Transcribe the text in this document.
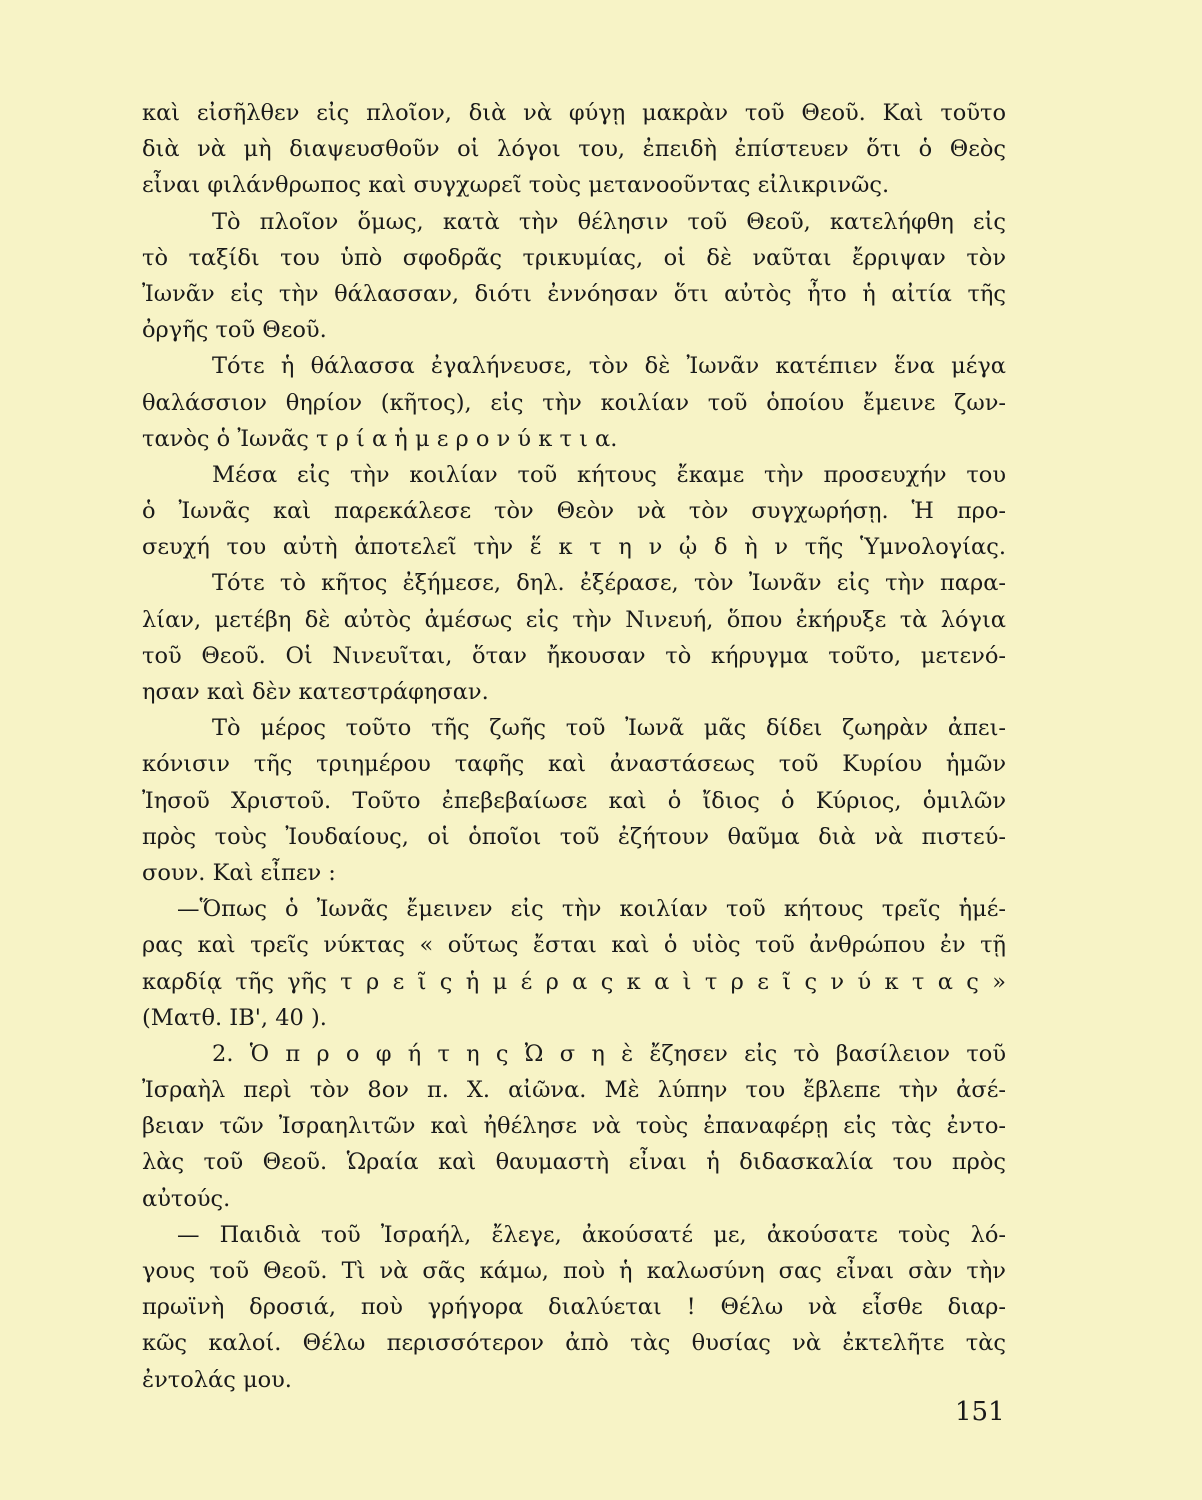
καὶ εἰσῆλθεν εἰς πλοῖον, διὰ νὰ φύγῃ μακρὰν τοῦ Θεοῦ. Καὶ τοῦτο
διὰ νὰ μὴ διαψευσθοῦν οἱ λόγοι του, ἐπειδὴ ἐπίστευεν ὅτι ὁ Θεὸς
εἶναι φιλάνθρωπος καὶ συγχωρεῖ τοὺς μετανοοῦντας εἰλικρινῶς.
Τὸ πλοῖον ὅμως, κατὰ τὴν θέλησιν τοῦ Θεοῦ, κατελήφθη εἰς
τὸ ταξίδι του ὑπὸ σφοδρᾶς τρικυμίας, οἱ δὲ ναῦται ἔρριψαν τὸν
Ἰωνᾶν εἰς τὴν θάλασσαν, διότι ἐννόησαν ὅτι αὐτὸς ἦτο ἡ αἰτία τῆς
ὀργῆς τοῦ Θεοῦ.
Τότε ἡ θάλασσα ἐγαλήνευσε, τὸν δὲ Ἰωνᾶν κατέπιεν ἕνα μέγα
θαλάσσιον θηρίον (κῆτος), εἰς τὴν κοιλίαν τοῦ ὁποίου ἔμεινε ζων-
τανὸς ὁ Ἰωνᾶς τ ρ ί α ἡ μ ε ρ ο ν ύ κ τ ι α.
Μέσα εἰς τὴν κοιλίαν τοῦ κήτους ἔκαμε τὴν προσευχήν του
ὁ Ἰωνᾶς καὶ παρεκάλεσε τὸν Θεὸν νὰ τὸν συγχωρήσῃ. Ἡ προ-
σευχή του αὐτὴ ἀποτελεῖ τὴν ἕ κ τ η ν ᾠ δ ὴ ν τῆς Ὑμνολογίας.
Τότε τὸ κῆτος ἐξήμεσε, δηλ. ἐξέρασε, τὸν Ἰωνᾶν εἰς τὴν παρα-
λίαν, μετέβη δὲ αὐτὸς ἀμέσως εἰς τὴν Νινευή, ὅπου ἐκήρυξε τὰ λόγια
τοῦ Θεοῦ. Οἱ Νινευῖται, ὅταν ἤκουσαν τὸ κήρυγμα τοῦτο, μετενό-
ησαν καὶ δὲν κατεστράφησαν.
Τὸ μέρος τοῦτο τῆς ζωῆς τοῦ Ἰωνᾶ μᾶς δίδει ζωηρὰν ἀπει-
κόνισιν τῆς τριημέρου ταφῆς καὶ ἀναστάσεως τοῦ Κυρίου ἡμῶν
Ἰησοῦ Χριστοῦ. Τοῦτο ἐπεβεβαίωσε καὶ ὁ ἴδιος ὁ Κύριος, ὁμιλῶν
πρὸς τοὺς Ἰουδαίους, οἱ ὁποῖοι τοῦ ἐζήτουν θαῦμα διὰ νὰ πιστεύ-
σουν. Καὶ εἶπεν :
—Ὅπως ὁ Ἰωνᾶς ἔμεινεν εἰς τὴν κοιλίαν τοῦ κήτους τρεῖς ἡμέ-
ρας καὶ τρεῖς νύκτας « οὕτως ἔσται καὶ ὁ υἱὸς τοῦ ἀνθρώπου ἐν τῇ
καρδίᾳ τῆς γῆς τ ρ ε ῖ ς ἡ μ έ ρ α ς κ α ὶ τ ρ ε ῖ ς ν ύ κ τ α ς »
(Ματθ. ΙΒ', 40 ).
2. Ὁ π ρ ο φ ή τ η ς Ὠ σ η ὲ ἔζησεν εἰς τὸ βασίλειον τοῦ
Ἰσραὴλ περὶ τὸν 8ον π. Χ. αἰῶνα. Μὲ λύπην του ἔβλεπε τὴν ἀσέ-
βειαν τῶν Ἰσραηλιτῶν καὶ ἠθέλησε νὰ τοὺς ἐπαναφέρῃ εἰς τὰς ἐντο-
λὰς τοῦ Θεοῦ. Ὡραία καὶ θαυμαστὴ εἶναι ἡ διδασκαλία του πρὸς
αὐτούς.
— Παιδιὰ τοῦ Ἰσραήλ, ἔλεγε, ἀκούσατέ με, ἀκούσατε τοὺς λό-
γους τοῦ Θεοῦ. Τὶ νὰ σᾶς κάμω, ποὺ ἡ καλωσύνη σας εἶναι σὰν τὴν
πρωϊνὴ δροσιά, ποὺ γρήγορα διαλύεται ! Θέλω νὰ εἶσθε διαρ-
κῶς καλοί. Θέλω περισσότερον ἀπὸ τὰς θυσίας νὰ ἐκτελῆτε τὰς
ἐντολάς μου.
151
